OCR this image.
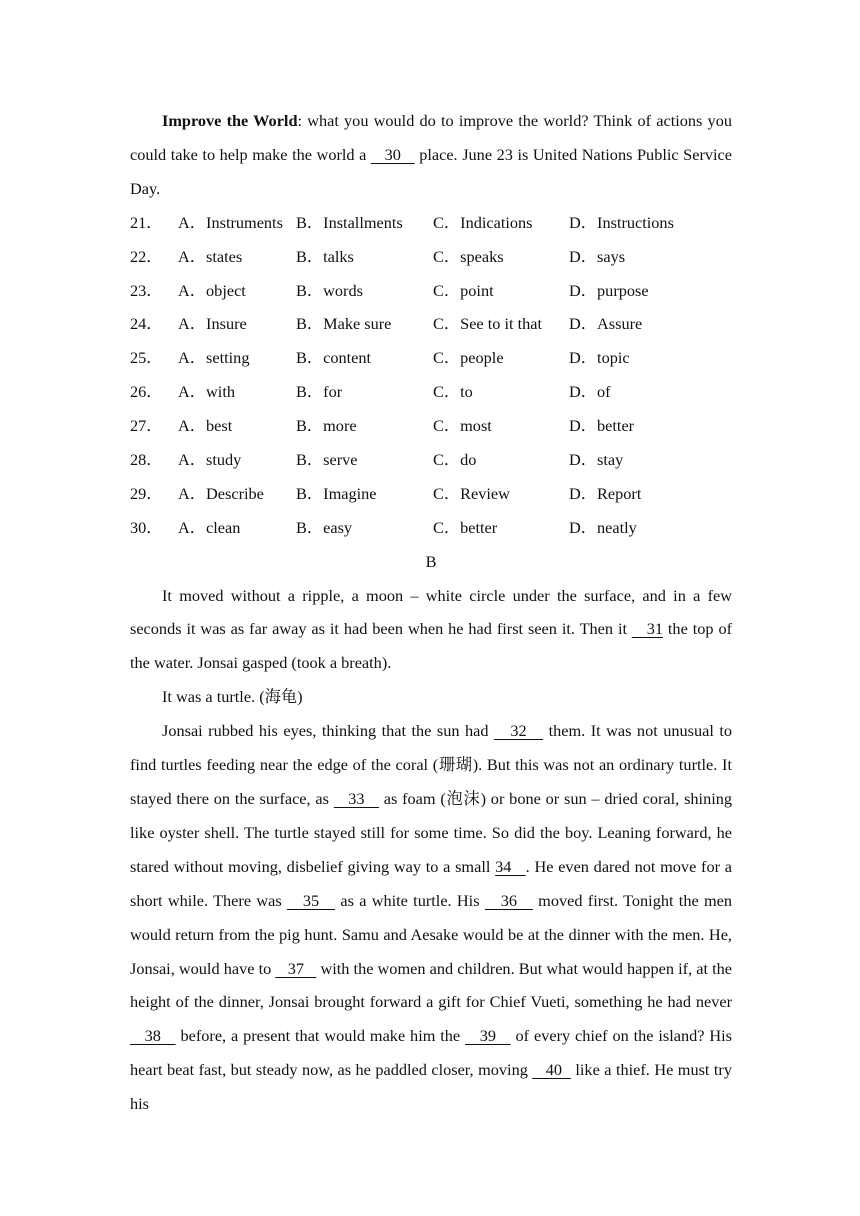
Improve the World: what you would do to improve the world? Think of actions you could take to help make the world a    30    place. June 23 is United Nations Public Service Day.

21． A．Instruments B．Installments	C．Indications	D．Instructions
22． A．states	B．talks	C．speaks	D．says
23． A．object	B．words	C．point	D．purpose
24． A．Insure	B．Make sure	C．See to it that	D．Assure
25． A．setting	B．content	C．people	D．topic
26． A．with	B．for	C．to	D．of
27． A．best	B．more	C．most	D．better
28． A．study	B．serve	C．do	D．stay
29． A．Describe	B．Imagine	C．Review	D．Report
30． A．clean	B．easy	C．better	D．neatly

B

It moved without a ripple, a moon – white circle under the surface, and in a few seconds it was as far away as it had been when he had first seen it. Then it    31 the top of the water. Jonsai gasped (took a breath).

It was a turtle. (海龟)

Jonsai rubbed his eyes, thinking that the sun had    32    them. It was not unusual to find turtles feeding near the edge of the coral (珊瑚). But this was not an ordinary turtle. It stayed there on the surface, as    33    as foam (泡沫) or bone or sun – dried coral, shining like oyster shell. The turtle stayed still for some time. So did the boy. Leaning forward, he stared without moving, disbelief giving way to a small 34   . He even dared not move for a short while. There was    35    as a white turtle. His    36    moved first. Tonight the men would return from the pig hunt. Samu and Aesake would be at the dinner with the men. He, Jonsai, would have to    37    with the women and children. But what would happen if, at the height of the dinner, Jonsai brought forward a gift for Chief Vueti, something he had never    38    before, a present that would make him the    39    of every chief on the island? His heart beat fast, but steady now, as he paddled closer, moving    40   like a thief. He must try his
